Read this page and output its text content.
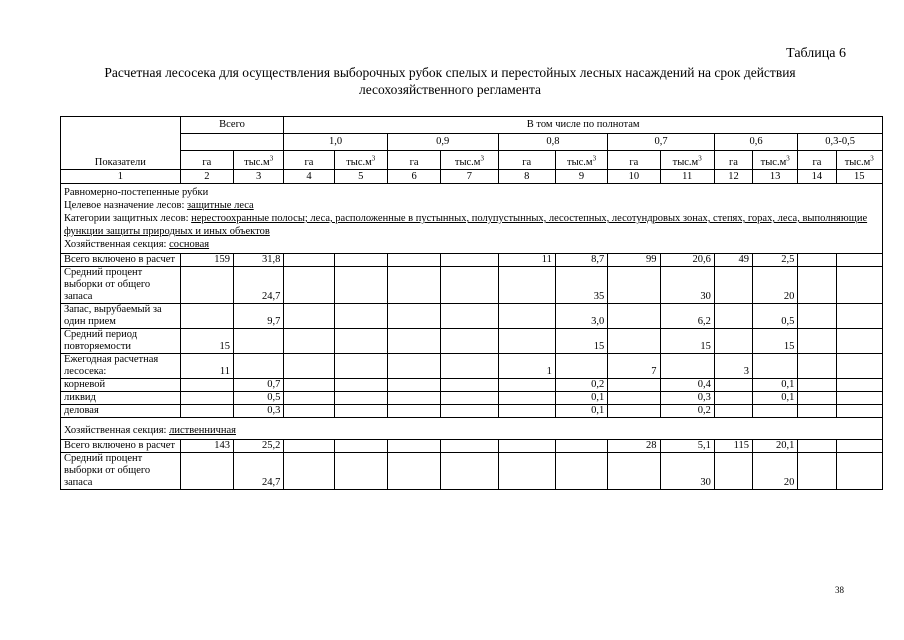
Таблица 6
Расчетная лесосека для осуществления выборочных рубок спелых и перестойных лесных насаждений на срок действия
лесохозяйственного регламента
Показатели	Всего		В том числе по полнотам											
			1,0		0,9		0,8		0,7		0,6		0,3-0,5	
	га	$тыс.м^3$	га	$тыс.м^3$	га	$тыс.м^3$	га	$тыс.м^3$	га	$тыс.м^3$	га	$тыс.м^3$	га	$тыс.м^3$
1	2	3	4	5	6	7	8	9	10	11	12	13	14	15

Равномерно-постепенные рубки
Целевое назначение лесов: защитные леса
Категории защитных лесов: нерестоохранные полосы; леса, расположенные в пустынных, полупустынных, лесостепных, лесотундровых зонах, степях, горах, леса, выполняющие функции защиты природных и иных объектов
Хозяйственная секция: сосновая														

Всего включено в расчет	159	31,8					11	8,7	99	20,6	49	2,5		
Средний процент выборки от общего запаса		24,7						35		30		20		
Запас, вырубаемый за один прием		9,7						3,0		6,2		0,5		
Средний период повторяемости	15							15		15		15		
Ежегодная расчетная лесосека:	11						1		7		3			
корневой		0,7						0,2		0,4		0,1		
ликвид		0,5						0,1		0,3		0,1		
деловая		0,3						0,1		0,2				
Хозяйственная секция: лиственничная														
Всего включено в расчет	143	25,2							28	5,1	115	20,1		
Средний процент выборки от общего запаса		24,7								30		20		
38
